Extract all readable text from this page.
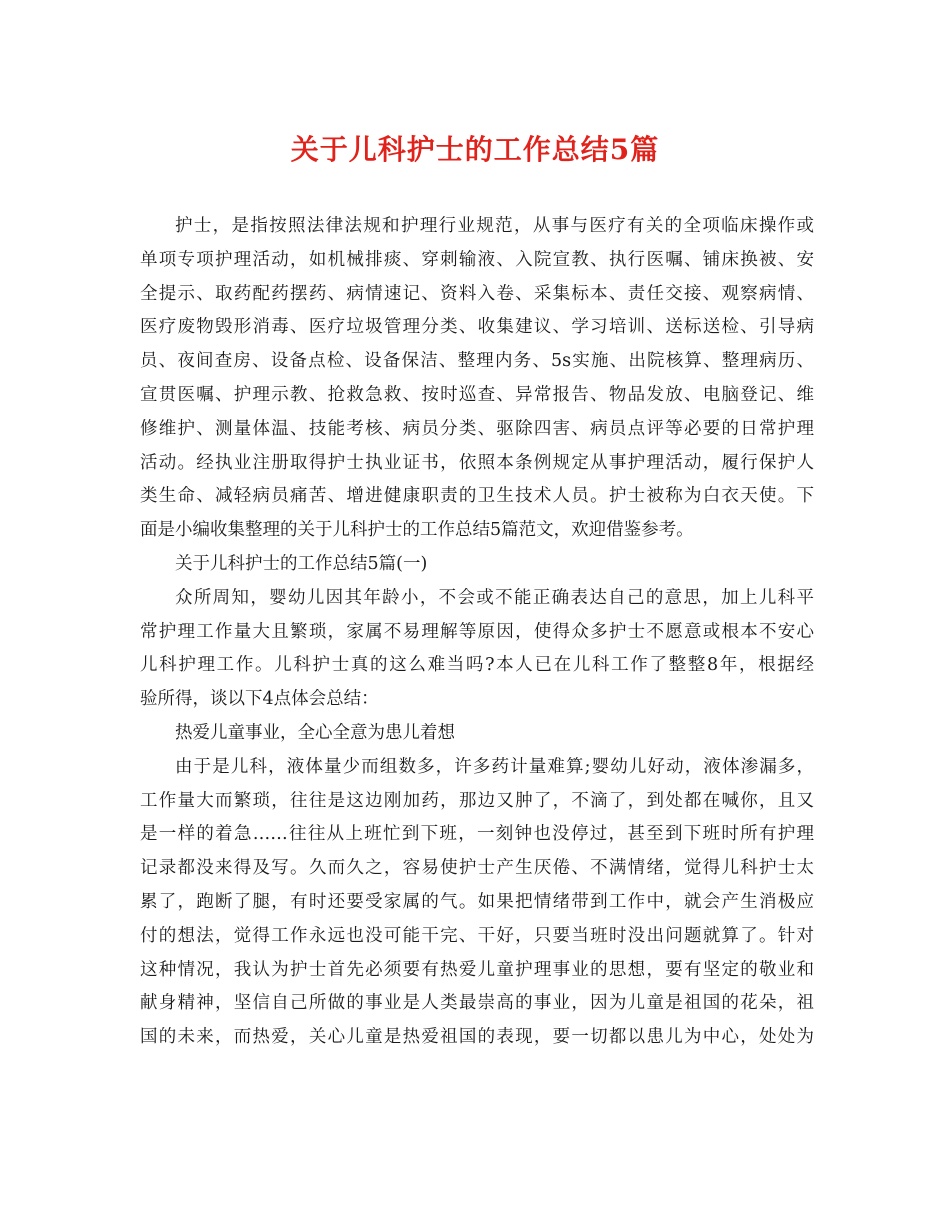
关于儿科护士的工作总结5篇
护士，是指按照法律法规和护理行业规范，从事与医疗有关的全项临床操作或
单项专项护理活动，如机械排痰、穿刺输液、入院宣教、执行医嘱、铺床换被、安
全提示、取药配药摆药、病情速记、资料入卷、采集标本、责任交接、观察病情、
医疗废物毁形消毒、医疗垃圾管理分类、收集建议、学习培训、送标送检、引导病
员、夜间查房、设备点检、设备保洁、整理内务、5s实施、出院核算、整理病历、
宣贯医嘱、护理示教、抢救急救、按时巡查、异常报告、物品发放、电脑登记、维
修维护、测量体温、技能考核、病员分类、驱除四害、病员点评等必要的日常护理
活动。经执业注册取得护士执业证书，依照本条例规定从事护理活动，履行保护人
类生命、减轻病员痛苦、增进健康职责的卫生技术人员。护士被称为白衣天使。下
面是小编收集整理的关于儿科护士的工作总结5篇范文，欢迎借鉴参考。
关于儿科护士的工作总结5篇(一)
众所周知，婴幼儿因其年龄小，不会或不能正确表达自己的意思，加上儿科平
常护理工作量大且繁琐，家属不易理解等原因，使得众多护士不愿意或根本不安心
儿科护理工作。儿科护士真的这么难当吗?本人已在儿科工作了整整8年，根据经
验所得，谈以下4点体会总结：
热爱儿童事业，全心全意为患儿着想
由于是儿科，液体量少而组数多，许多药计量难算;婴幼儿好动，液体渗漏多，
工作量大而繁琐，往往是这边刚加药，那边又肿了，不滴了，到处都在喊你，且又
是一样的着急……往往从上班忙到下班，一刻钟也没停过，甚至到下班时所有护理
记录都没来得及写。久而久之，容易使护士产生厌倦、不满情绪，觉得儿科护士太
累了，跑断了腿，有时还要受家属的气。如果把情绪带到工作中，就会产生消极应
付的想法，觉得工作永远也没可能干完、干好，只要当班时没出问题就算了。针对
这种情况，我认为护士首先必须要有热爱儿童护理事业的思想，要有坚定的敬业和
献身精神，坚信自己所做的事业是人类最崇高的事业，因为儿童是祖国的花朵，祖
国的未来，而热爱，关心儿童是热爱祖国的表现，要一切都以患儿为中心，处处为
